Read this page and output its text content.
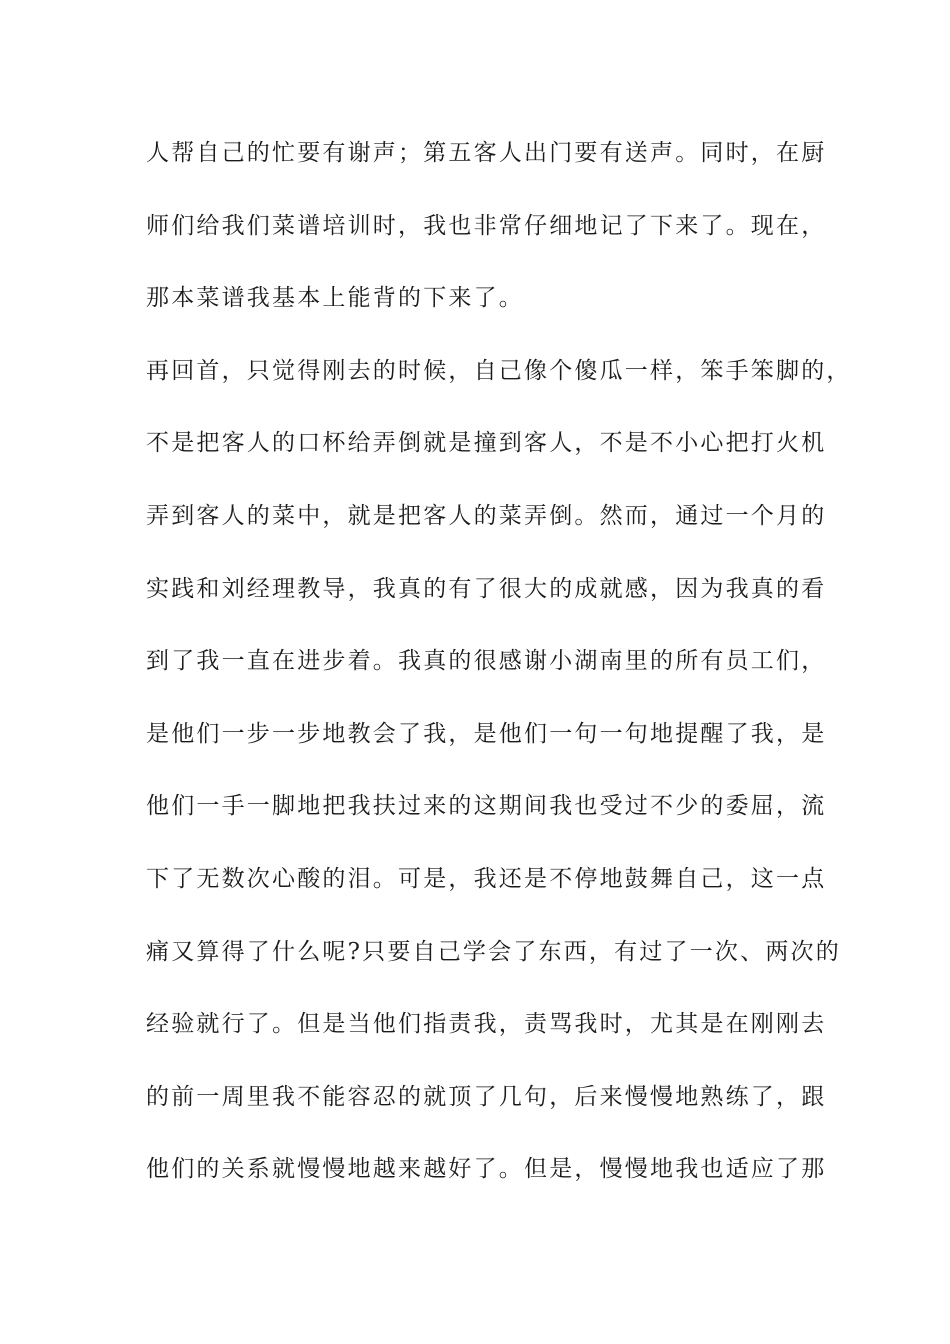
人帮自己的忙要有谢声；第五客人出门要有送声。同时，在厨
师们给我们菜谱培训时，我也非常仔细地记了下来了。现在，
那本菜谱我基本上能背的下来了。
再回首，只觉得刚去的时候，自己像个傻瓜一样，笨手笨脚的，
不是把客人的口杯给弄倒就是撞到客人，不是不小心把打火机
弄到客人的菜中，就是把客人的菜弄倒。然而，通过一个月的
实践和刘经理教导，我真的有了很大的成就感，因为我真的看
到了我一直在进步着。我真的很感谢小湖南里的所有员工们，
是他们一步一步地教会了我，是他们一句一句地提醒了我，是
他们一手一脚地把我扶过来的这期间我也受过不少的委屈，流
下了无数次心酸的泪。可是，我还是不停地鼓舞自己，这一点
痛又算得了什么呢?只要自己学会了东西，有过了一次、两次的
经验就行了。但是当他们指责我，责骂我时，尤其是在刚刚去
的前一周里我不能容忍的就顶了几句，后来慢慢地熟练了，跟
他们的关系就慢慢地越来越好了。但是，慢慢地我也适应了那
